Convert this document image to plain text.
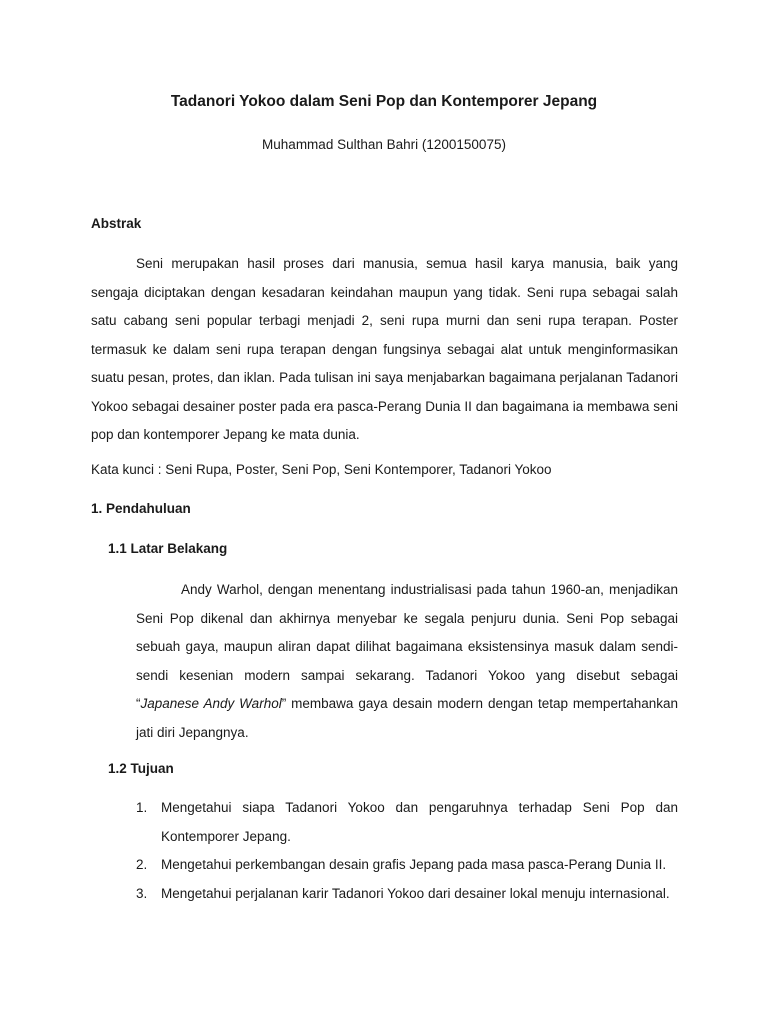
Tadanori Yokoo dalam Seni Pop dan Kontemporer Jepang

Muhammad Sulthan Bahri (1200150075)

Abstrak

Seni merupakan hasil proses dari manusia, semua hasil karya manusia, baik yang sengaja diciptakan dengan kesadaran keindahan maupun yang tidak. Seni rupa sebagai salah satu cabang seni popular terbagi menjadi 2, seni rupa murni dan seni rupa terapan. Poster termasuk ke dalam seni rupa terapan dengan fungsinya sebagai alat untuk menginformasikan suatu pesan, protes, dan iklan. Pada tulisan ini saya menjabarkan bagaimana perjalanan Tadanori Yokoo sebagai desainer poster pada era pasca-Perang Dunia II dan bagaimana ia membawa seni pop dan kontemporer Jepang ke mata dunia.

Kata kunci : Seni Rupa, Poster, Seni Pop, Seni Kontemporer, Tadanori Yokoo

1. Pendahuluan
1.1 Latar Belakang

Andy Warhol, dengan menentang industrialisasi pada tahun 1960-an, menjadikan Seni Pop dikenal dan akhirnya menyebar ke segala penjuru dunia. Seni Pop sebagai sebuah gaya, maupun aliran dapat dilihat bagaimana eksistensinya masuk dalam sendi-sendi kesenian modern sampai sekarang. Tadanori Yokoo yang disebut sebagai “Japanese Andy Warhol” membawa gaya desain modern dengan tetap mempertahankan jati diri Jepangnya.

1.2 Tujuan
1.	Mengetahui siapa Tadanori Yokoo dan pengaruhnya terhadap Seni Pop dan Kontemporer Jepang.
2.	Mengetahui perkembangan desain grafis Jepang pada masa pasca-Perang Dunia II.
3.	Mengetahui perjalanan karir Tadanori Yokoo dari desainer lokal menuju internasional.
